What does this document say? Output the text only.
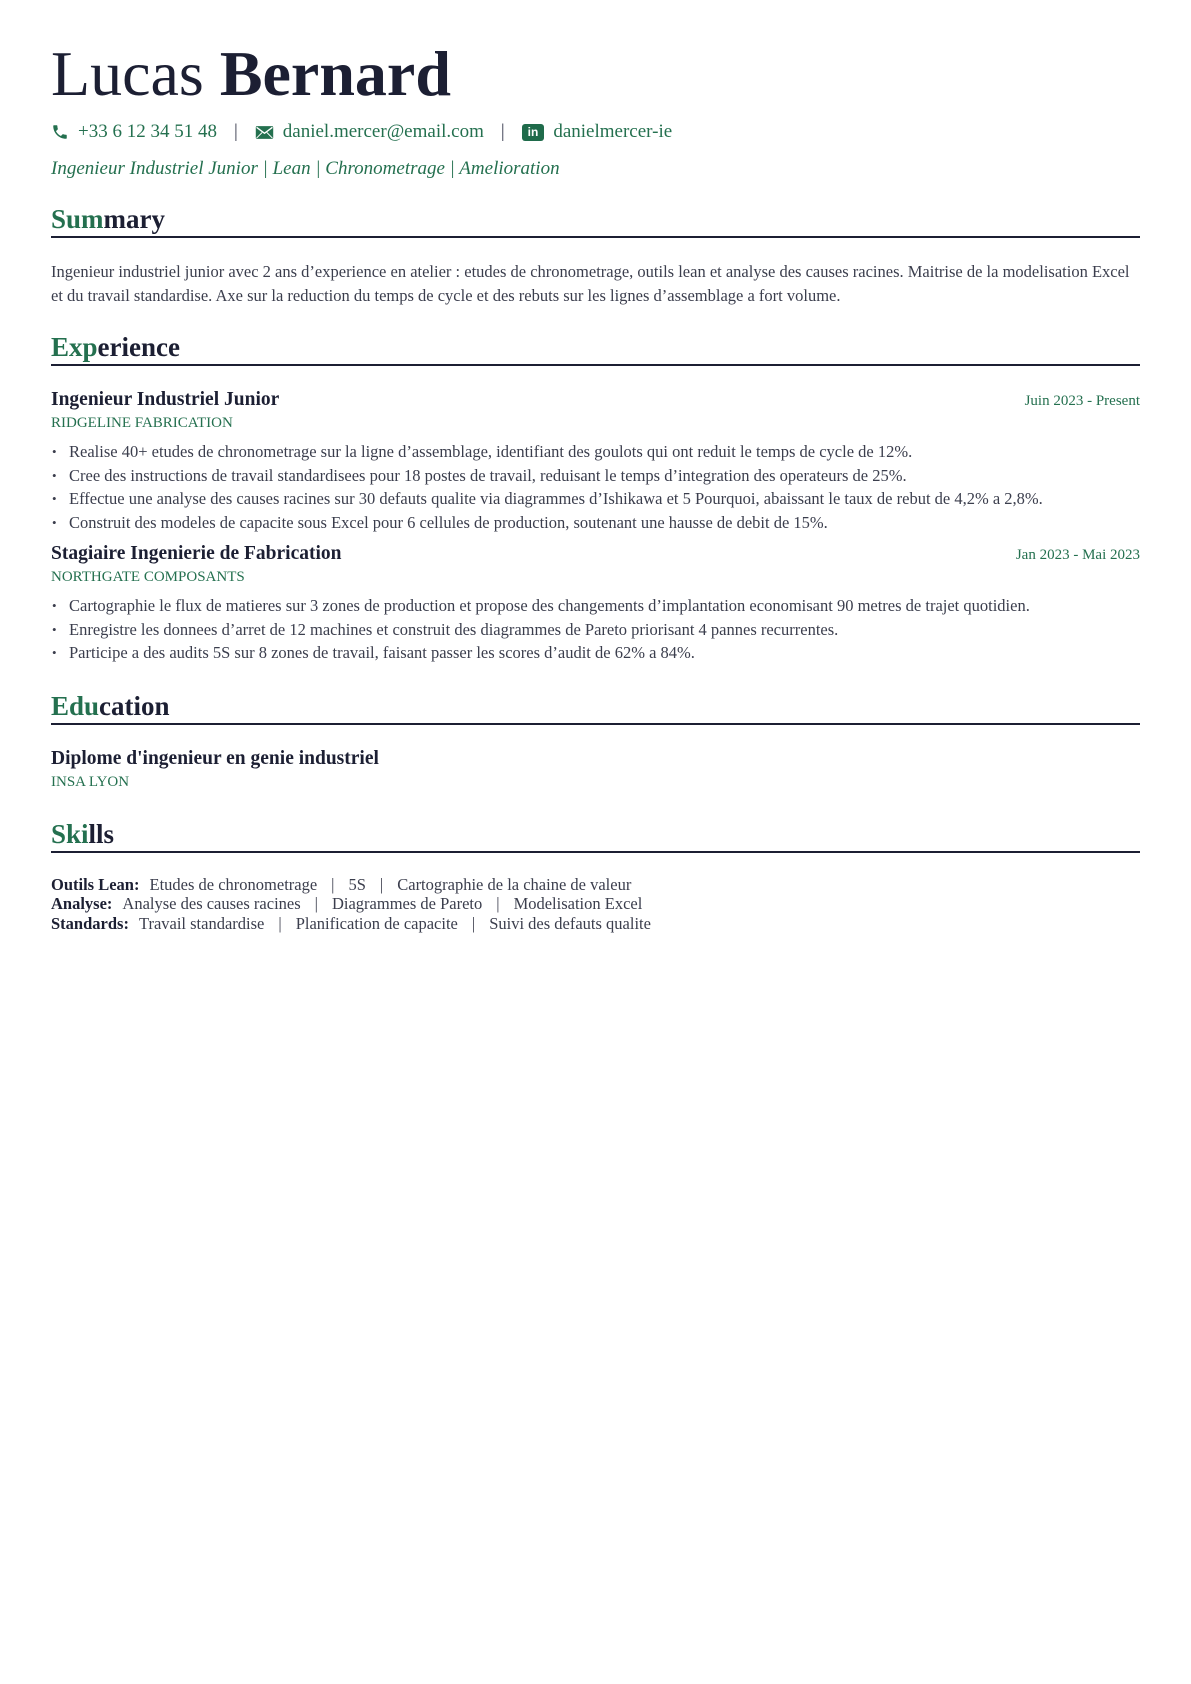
Lucas Bernard
+33 6 12 34 51 48 | daniel.mercer@email.com |	in danielmercer-ie
Ingenieur Industriel Junior | Lean | Chronometrage | Amelioration
Summary
Ingenieur industriel junior avec 2 ans d’experience en atelier : etudes de chronometrage, outils lean et analyse des causes racines. Maitrise de la modelisation Excel et du travail standardise. Axe sur la reduction du temps de cycle et des rebuts sur les lignes d’assemblage a fort volume.
Experience
Ingenieur Industriel Junior	Juin 2023 - Present
RIDGELINE FABRICATION
• Realise 40+ etudes de chronometrage sur la ligne d’assemblage, identifiant des goulots qui ont reduit le temps de cycle de 12%.
• Cree des instructions de travail standardisees pour 18 postes de travail, reduisant le temps d’integration des operateurs de 25%.
• Effectue une analyse des causes racines sur 30 defauts qualite via diagrammes d’Ishikawa et 5 Pourquoi, abaissant le taux de rebut de 4,2% a 2,8%.
• Construit des modeles de capacite sous Excel pour 6 cellules de production, soutenant une hausse de debit de 15%.
Stagiaire Ingenierie de Fabrication	Jan 2023 - Mai 2023
NORTHGATE COMPOSANTS
• Cartographie le flux de matieres sur 3 zones de production et propose des changements d’implantation economisant 90 metres de trajet quotidien.
• Enregistre les donnees d’arret de 12 machines et construit des diagrammes de Pareto priorisant 4 pannes recurrentes.
• Participe a des audits 5S sur 8 zones de travail, faisant passer les scores d’audit de 62% a 84%.
Education
Diplome d'ingenieur en genie industriel
INSA LYON
Skills
Outils Lean: Etudes de chronometrage | 5S | Cartographie de la chaine de valeur
Analyse: Analyse des causes racines | Diagrammes de Pareto | Modelisation Excel
Standards: Travail standardise | Planification de capacite | Suivi des defauts qualite
